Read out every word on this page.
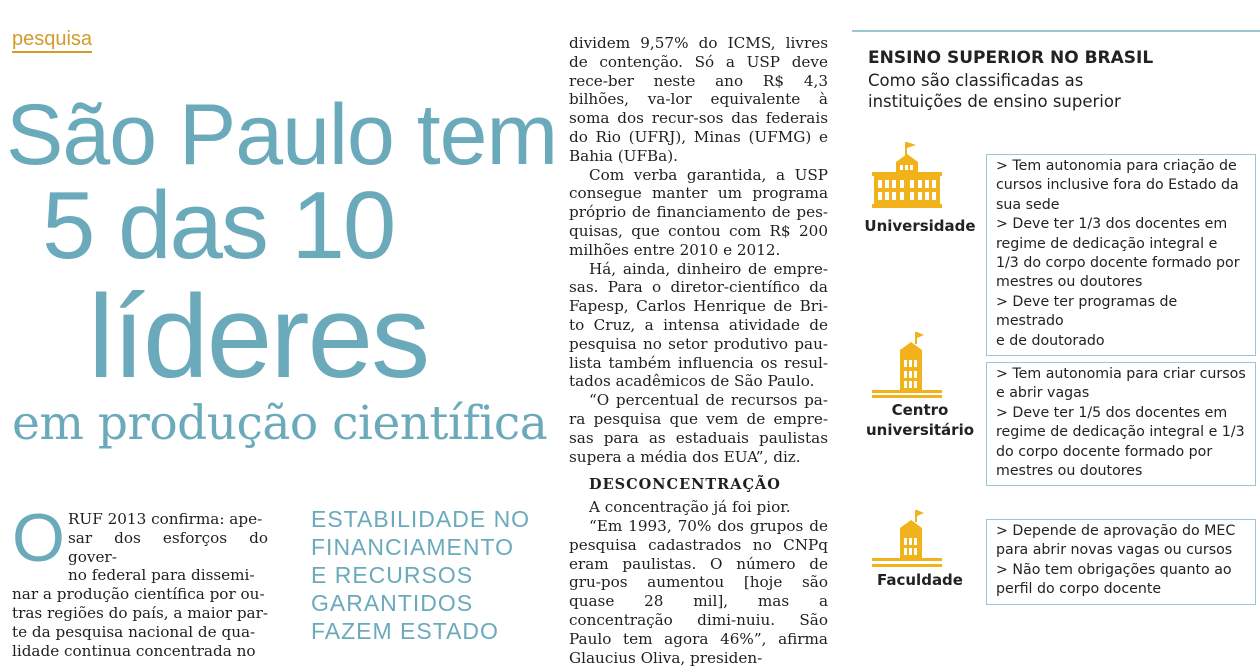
pesquisa
São Paulo tem
5 das 10
líderes
em produção científica
O RUF 2013 confirma: ape-
sar dos esforços do gover-
no federal para dissemi-
nar a produção científica por ou-
tras regiões do país, a maior par-
te da pesquisa nacional de qua-
lidade continua concentrada no

ESTABILIDADE NO
FINANCIAMENTO
E RECURSOS
GARANTIDOS
FAZEM ESTADO

dividem 9,57% do ICMS, livres de contenção. Só a USP deve rece-ber neste ano R$ 4,3 bilhões, va-lor equivalente à soma dos recur-sos das federais do Rio (UFRJ), Minas (UFMG) e Bahia (UFBa).

Com verba garantida, a USP consegue manter um programa próprio de financiamento de pes-quisas, que contou com R$ 200 milhões entre 2010 e 2012.

Há, ainda, dinheiro de empre-sas. Para o diretor-científico da Fapesp, Carlos Henrique de Bri-to Cruz, a intensa atividade de pesquisa no setor produtivo pau-lista também influencia os resul-tados acadêmicos de São Paulo.

“O percentual de recursos pa-ra pesquisa que vem de empre-sas para as estaduais paulistas supera a média dos EUA”, diz.

DESCONCENTRAÇÃO

A concentração já foi pior.

“Em 1993, 70% dos grupos de pesquisa cadastrados no CNPq eram paulistas. O número de gru-pos aumentou [hoje são quase 28 mil], mas a concentração dimi-nuiu. São Paulo tem agora 46%”, afirma Glaucius Oliva, presiden-

ENSINO SUPERIOR NO BRASIL
Como são classificadas as instituições de ensino superior
Universidade
> Tem autonomia para criação de
cursos inclusive fora do Estado da
sua sede
> Deve ter 1/3 dos docentes em
regime de dedicação integral e
1/3 do corpo docente formado por
mestres ou doutores
> Deve ter programas de mestrado
e de doutorado
Centro universitário
> Tem autonomia para criar cursos
e abrir vagas
> Deve ter 1/5 dos docentes em
regime de dedicação integral e 1/3
do corpo docente formado por
mestres ou doutores
Faculdade
> Depende de aprovação do MEC
para abrir novas vagas ou cursos
> Não tem obrigações quanto ao
perfil do corpo docente
